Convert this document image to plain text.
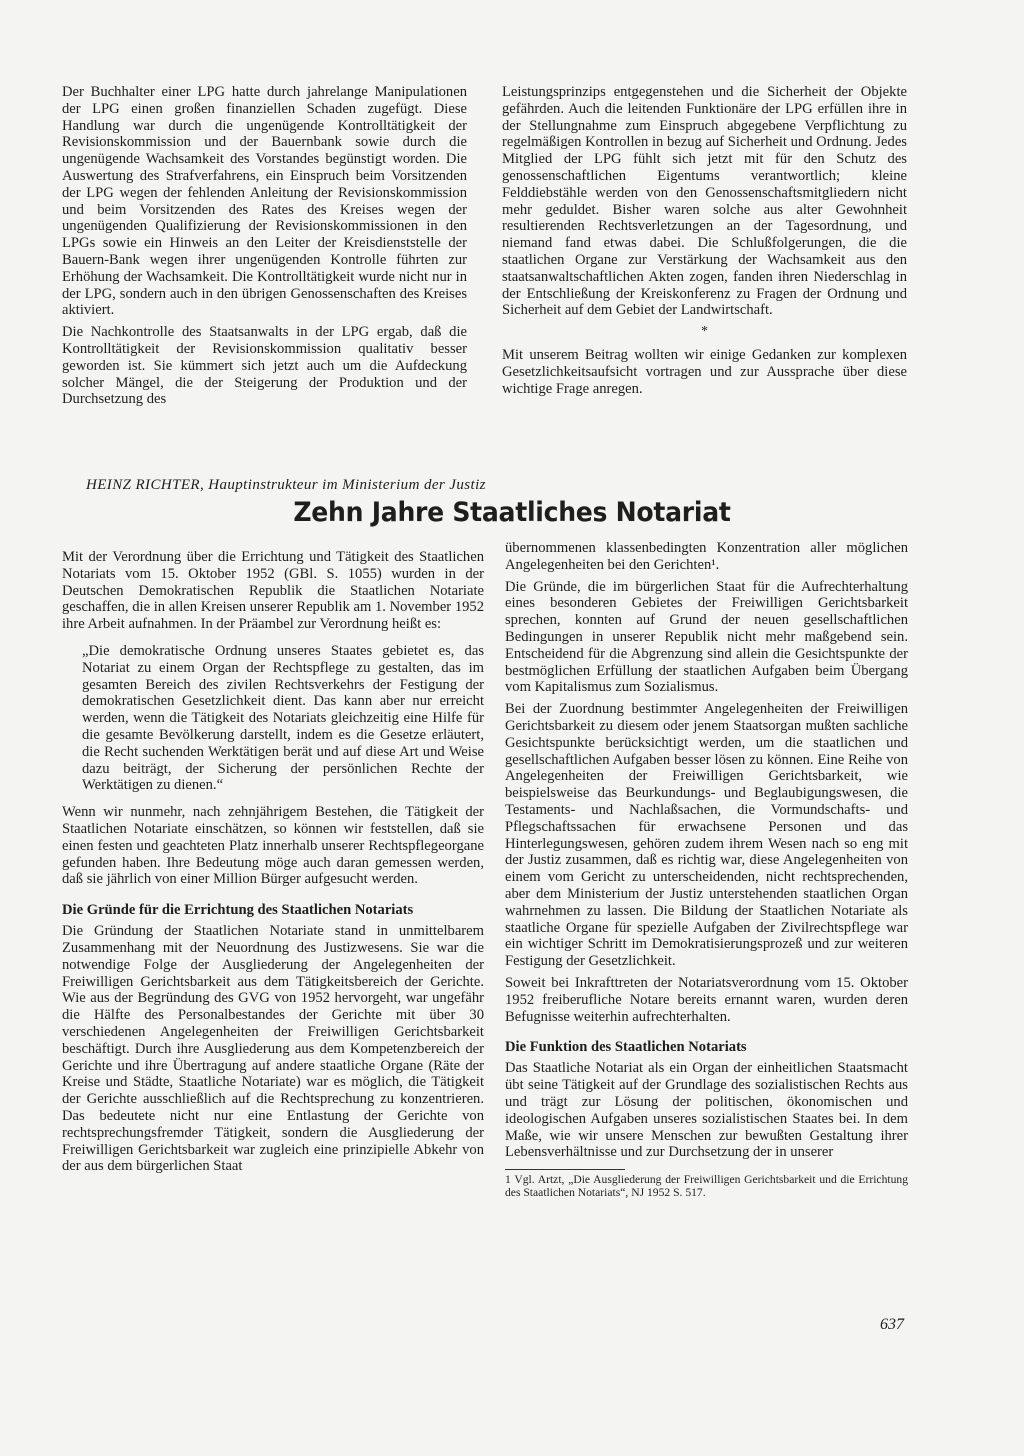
Der Buchhalter einer LPG hatte durch jahrelange Manipulationen der LPG einen großen finanziellen Schaden zugefügt. Diese Handlung war durch die ungenügende Kontrolltätigkeit der Revisionskommission und der Bauernbank sowie durch die ungenügende Wachsamkeit des Vorstandes begünstigt worden. Die Auswertung des Strafverfahrens, ein Einspruch beim Vorsitzenden der LPG wegen der fehlenden Anleitung der Revisionskommission und beim Vorsitzenden des Rates des Kreises wegen der ungenügenden Qualifizierung der Revisionskommissionen in den LPGs sowie ein Hinweis an den Leiter der Kreisdienststelle der Bauern-Bank wegen ihrer ungenügenden Kontrolle führten zur Erhöhung der Wachsamkeit. Die Kontrolltätigkeit wurde nicht nur in der LPG, sondern auch in den übrigen Genossenschaften des Kreises aktiviert.

Die Nachkontrolle des Staatsanwalts in der LPG ergab, daß die Kontrolltätigkeit der Revisionskommission qualitativ besser geworden ist. Sie kümmert sich jetzt auch um die Aufdeckung solcher Mängel, die der Steigerung der Produktion und der Durchsetzung des

Leistungsprinzips entgegenstehen und die Sicherheit der Objekte gefährden. Auch die leitenden Funktionäre der LPG erfüllen ihre in der Stellungnahme zum Einspruch abgegebene Verpflichtung zu regelmäßigen Kontrollen in bezug auf Sicherheit und Ordnung. Jedes Mitglied der LPG fühlt sich jetzt mit für den Schutz des genossenschaftlichen Eigentums verantwortlich; kleine Felddiebstähle werden von den Genossenschaftsmitgliedern nicht mehr geduldet. Bisher waren solche aus alter Gewohnheit resultierenden Rechtsverletzungen an der Tagesordnung, und niemand fand etwas dabei. Die Schlußfolgerungen, die die staatlichen Organe zur Verstärkung der Wachsamkeit aus den staatsanwaltschaftlichen Akten zogen, fanden ihren Niederschlag in der Entschließung der Kreiskonferenz zu Fragen der Ordnung und Sicherheit auf dem Gebiet der Landwirtschaft.

*

Mit unserem Beitrag wollten wir einige Gedanken zur komplexen Gesetzlichkeitsaufsicht vortragen und zur Aussprache über diese wichtige Frage anregen.

HEINZ RICHTER, Hauptinstrukteur im Ministerium der Justiz
Zehn Jahre Staatliches Notariat

Mit der Verordnung über die Errichtung und Tätigkeit des Staatlichen Notariats vom 15. Oktober 1952 (GBl. S. 1055) wurden in der Deutschen Demokratischen Republik die Staatlichen Notariate geschaffen, die in allen Kreisen unserer Republik am 1. November 1952 ihre Arbeit aufnahmen. In der Präambel zur Verordnung heißt es:

„Die demokratische Ordnung unseres Staates gebietet es, das Notariat zu einem Organ der Rechtspflege zu gestalten, das im gesamten Bereich des zivilen Rechtsverkehrs der Festigung der demokratischen Gesetzlichkeit dient. Das kann aber nur erreicht werden, wenn die Tätigkeit des Notariats gleichzeitig eine Hilfe für die gesamte Bevölkerung darstellt, indem es die Gesetze erläutert, die Recht suchenden Werktätigen berät und auf diese Art und Weise dazu beiträgt, der Sicherung der persönlichen Rechte der Werktätigen zu dienen.“

Wenn wir nunmehr, nach zehnjährigem Bestehen, die Tätigkeit der Staatlichen Notariate einschätzen, so können wir feststellen, daß sie einen festen und geachteten Platz innerhalb unserer Rechtspflegeorgane gefunden haben. Ihre Bedeutung möge auch daran gemessen werden, daß sie jährlich von einer Million Bürger aufgesucht werden.

Die Gründe für die Errichtung des Staatlichen Notariats

Die Gründung der Staatlichen Notariate stand in unmittelbarem Zusammenhang mit der Neuordnung des Justizwesens. Sie war die notwendige Folge der Ausgliederung der Angelegenheiten der Freiwilligen Gerichtsbarkeit aus dem Tätigkeitsbereich der Gerichte. Wie aus der Begründung des GVG von 1952 hervorgeht, war ungefähr die Hälfte des Personalbestandes der Gerichte mit über 30 verschiedenen Angelegenheiten der Freiwilligen Gerichtsbarkeit beschäftigt. Durch ihre Ausgliederung aus dem Kompetenzbereich der Gerichte und ihre Übertragung auf andere staatliche Organe (Räte der Kreise und Städte, Staatliche Notariate) war es möglich, die Tätigkeit der Gerichte ausschließlich auf die Rechtsprechung zu konzentrieren. Das bedeutete nicht nur eine Entlastung der Gerichte von rechtsprechungsfremder Tätigkeit, sondern die Ausgliederung der Freiwilligen Gerichtsbarkeit war zugleich eine prinzipielle Abkehr von der aus dem bürgerlichen Staat

übernommenen klassenbedingten Konzentration aller möglichen Angelegenheiten bei den Gerichten¹.

Die Gründe, die im bürgerlichen Staat für die Aufrechterhaltung eines besonderen Gebietes der Freiwilligen Gerichtsbarkeit sprechen, konnten auf Grund der neuen gesellschaftlichen Bedingungen in unserer Republik nicht mehr maßgebend sein. Entscheidend für die Abgrenzung sind allein die Gesichtspunkte der bestmöglichen Erfüllung der staatlichen Aufgaben beim Übergang vom Kapitalismus zum Sozialismus.

Bei der Zuordnung bestimmter Angelegenheiten der Freiwilligen Gerichtsbarkeit zu diesem oder jenem Staatsorgan mußten sachliche Gesichtspunkte berücksichtigt werden, um die staatlichen und gesellschaftlichen Aufgaben besser lösen zu können. Eine Reihe von Angelegenheiten der Freiwilligen Gerichtsbarkeit, wie beispielsweise das Beurkundungs- und Beglaubigungswesen, die Testaments- und Nachlaßsachen, die Vormundschafts- und Pflegschaftssachen für erwachsene Personen und das Hinterlegungswesen, gehören zudem ihrem Wesen nach so eng mit der Justiz zusammen, daß es richtig war, diese Angelegenheiten von einem vom Gericht zu unterscheidenden, nicht rechtsprechenden, aber dem Ministerium der Justiz unterstehenden staatlichen Organ wahrnehmen zu lassen. Die Bildung der Staatlichen Notariate als staatliche Organe für spezielle Aufgaben der Zivilrechtspflege war ein wichtiger Schritt im Demokratisierungsprozeß und zur weiteren Festigung der Gesetzlichkeit.

Soweit bei Inkrafttreten der Notariatsverordnung vom 15. Oktober 1952 freiberufliche Notare bereits ernannt waren, wurden deren Befugnisse weiterhin aufrechterhalten.

Die Funktion des Staatlichen Notariats

Das Staatliche Notariat als ein Organ der einheitlichen Staatsmacht übt seine Tätigkeit auf der Grundlage des sozialistischen Rechts aus und trägt zur Lösung der politischen, ökonomischen und ideologischen Aufgaben unseres sozialistischen Staates bei. In dem Maße, wie wir unsere Menschen zur bewußten Gestaltung ihrer Lebensverhältnisse und zur Durchsetzung der in unserer

1 Vgl. Artzt, „Die Ausgliederung der Freiwilligen Gerichtsbarkeit und die Errichtung des Staatlichen Notariats“, NJ 1952 S. 517.

637
